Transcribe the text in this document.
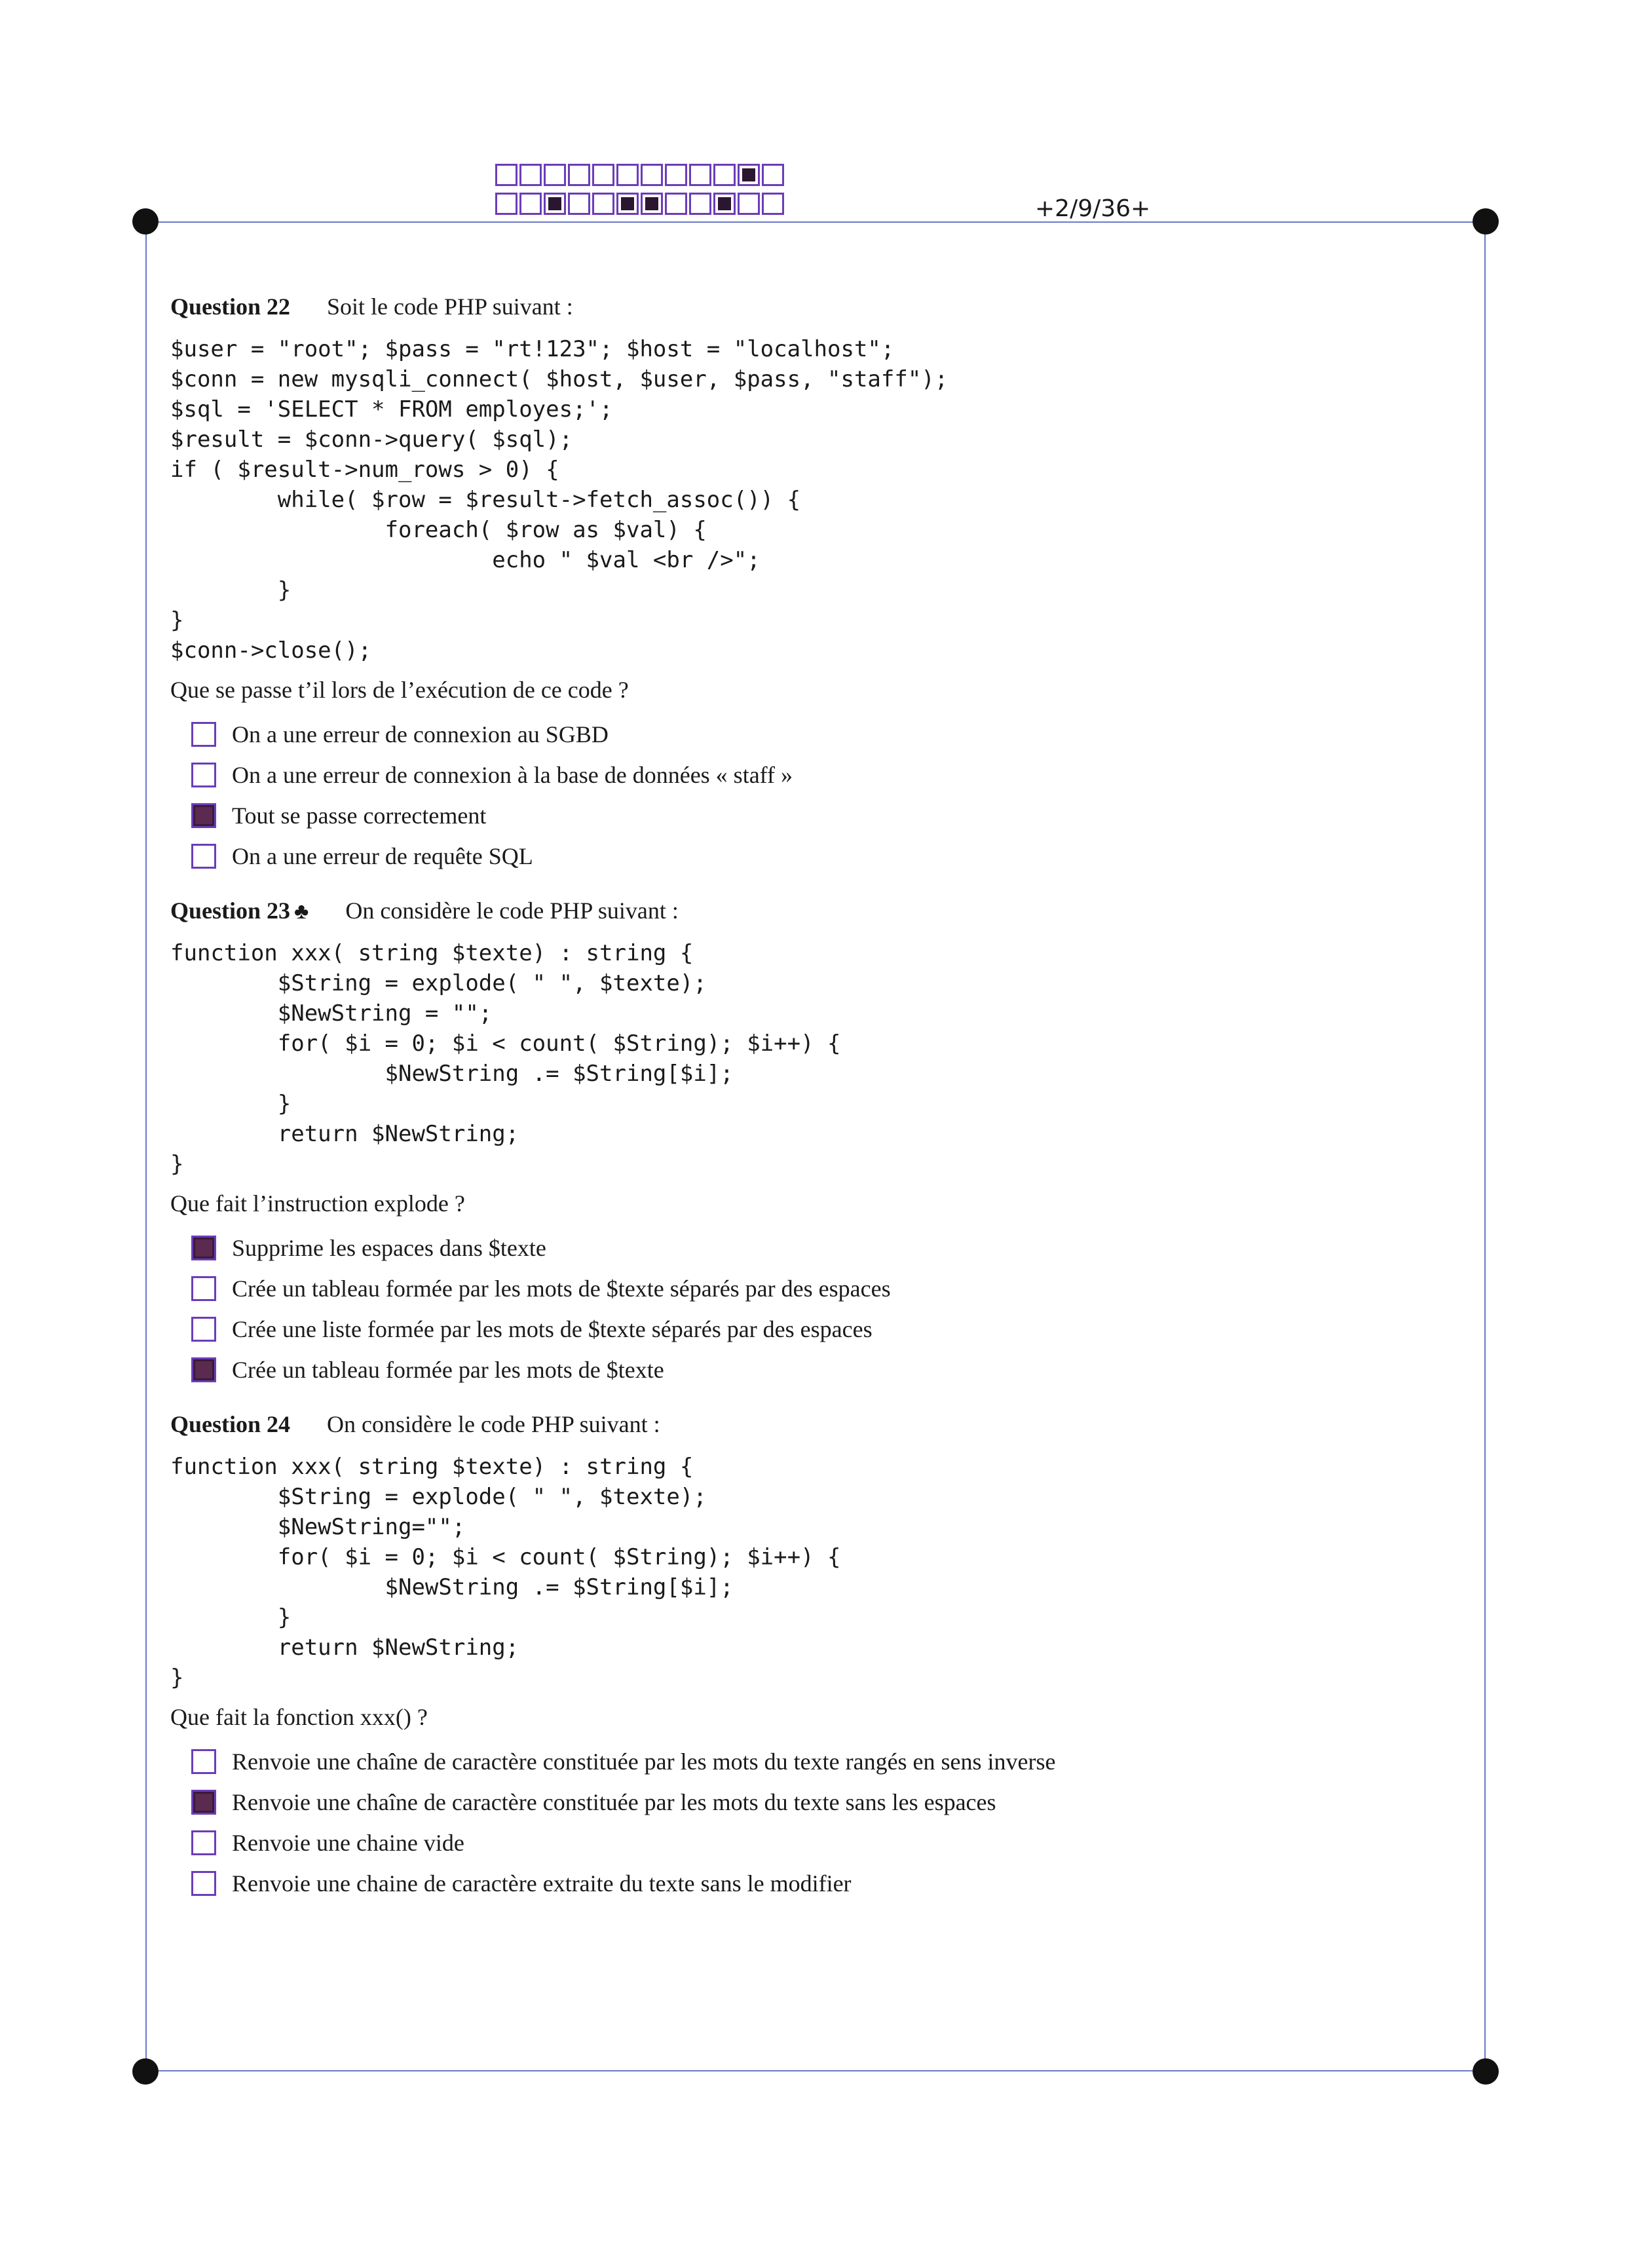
+2/9/36+

Question 22 Soit le code PHP suivant :

$user = "root"; $pass = "rt!123"; $host = "localhost";
$conn = new mysqli_connect( $host, $user, $pass, "staff");
$sql = 'SELECT * FROM employes;';
$result = $conn->query( $sql);
if ( $result->num_rows > 0) {
while( $row = $result->fetch_assoc()) {
foreach( $row as $val) {
echo " $val <br />";
}
}
$conn->close();
Que se passe t’il lors de l’exécution de ce code ?
On a une erreur de connexion au SGBD
On a une erreur de connexion à la base de données « staff »
Tout se passe correctement
On a une erreur de requête SQL

Question 23 ♣ On considère le code PHP suivant :

function xxx( string $texte) : string {
$String = explode( " ", $texte);
$NewString = "";
for( $i = 0; $i < count( $String); $i++) {
$NewString .= $String[$i];
}
return $NewString;
}
Que fait l’instruction explode ?
Supprime les espaces dans $texte
Crée un tableau formée par les mots de $texte séparés par des espaces
Crée une liste formée par les mots de $texte séparés par des espaces
Crée un tableau formée par les mots de $texte

Question 24 On considère le code PHP suivant :

function xxx( string $texte) : string {
$String = explode( " ", $texte);
$NewString="";
for( $i = 0; $i < count( $String); $i++) {
$NewString .= $String[$i];
}
return $NewString;
}
Que fait la fonction xxx() ?
Renvoie une chaîne de caractère constituée par les mots du texte rangés en sens inverse
Renvoie une chaîne de caractère constituée par les mots du texte sans les espaces
Renvoie une chaine vide
Renvoie une chaine de caractère extraite du texte sans le modifier
